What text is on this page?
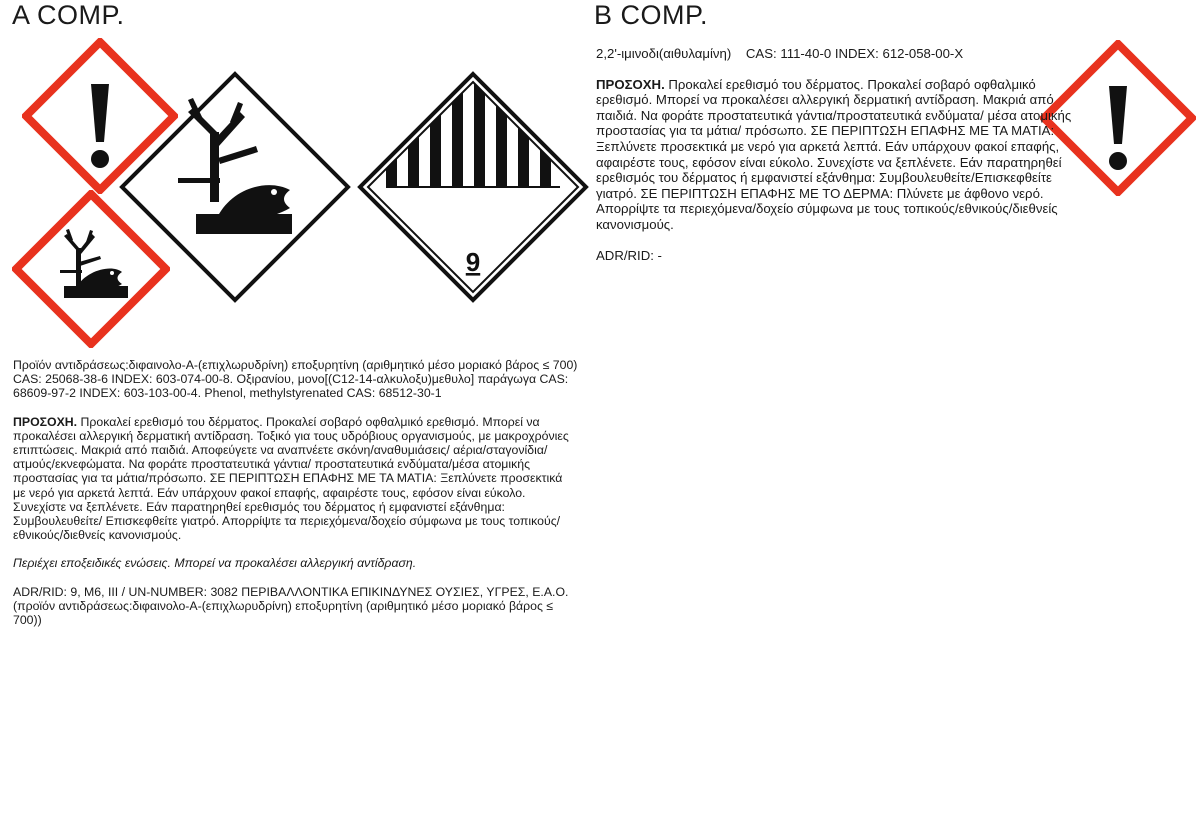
A COMP.
9

Προϊόν αντιδράσεως:διφαινολο-A-(επιχλωρυδρίνη) εποξυρητίνη (αριθμητικό μέσο μοριακό βάρος ≤ 700) CAS: 25068-38-6 INDEX: 603-074-00-8. Οξιρανίου, μονο[(C12-14-αλκυλοξυ)μεθυλο] παράγωγα CAS: 68609-97-2 INDEX: 603-103-00-4. Phenol, methylstyrenated CAS: 68512-30-1

ΠΡΟΣΟΧΗ. Προκαλεί ερεθισμό του δέρματος. Προκαλεί σοβαρό οφθαλμικό ερεθισμό. Μπορεί να προκαλέσει αλλεργική δερματική αντίδραση. Τοξικό για τους υδρόβιους οργανισμούς, με μακροχρόνιες επιπτώσεις. Μακριά από παιδιά. Αποφεύγετε να αναπνέετε σκόνη/αναθυμιάσεις/ αέρια/σταγονίδια/ ατμούς/εκνεφώματα. Να φοράτε προστατευτικά γάντια/ προστατευτικά ενδύματα/μέσα ατομικής προστασίας για τα μάτια/πρόσωπο. ΣΕ ΠΕΡΙΠΤΩΣΗ ΕΠΑΦΗΣ ΜΕ ΤΑ ΜΑΤΙΑ: Ξεπλύνετε προσεκτικά με νερό για αρκετά λεπτά. Εάν υπάρχουν φακοί επαφής, αφαιρέστε τους, εφόσον είναι εύκολο. Συνεχίστε να ξεπλένετε. Εάν παρατηρηθεί ερεθισμός του δέρματος ή εμφανιστεί εξάνθημα: Συμβουλευθείτε/ Επισκεφθείτε γιατρό. Απορρίψτε τα περιεχόμενα/δοχείο σύμφωνα με τους τοπικούς/εθνικούς/διεθνείς κανονισμούς.

Περιέχει εποξειδικές ενώσεις. Μπορεί να προκαλέσει αλλεργική αντίδραση.

ADR/RID: 9, M6, III / UN-NUMBER: 3082 ΠΕΡΙΒΑΛΛΟΝΤΙΚΑ ΕΠΙΚΙΝΔΥΝΕΣ ΟΥΣΙΕΣ, ΥΓΡΕΣ, Ε.Α.Ο. (προϊόν αντιδράσεως:διφαινολο-A-(επιχλωρυδρίνη) εποξυρητίνη (αριθμητικό μέσο μοριακό βάρος ≤ 700))

B COMP.

2,2'-ιμινοδι(αιθυλαμίνη)    CAS: 111-40-0 INDEX: 612-058-00-X

ΠΡΟΣΟΧΗ. Προκαλεί ερεθισμό του δέρματος. Προκαλεί σοβαρό οφθαλμικό ερεθισμό. Μπορεί να προκαλέσει αλλεργική δερματική αντίδραση. Μακριά από παιδιά. Να φοράτε προστατευτικά γάντια/προστατευτικά ενδύματα/ μέσα ατομικής προστασίας για τα μάτια/ πρόσωπο. ΣΕ ΠΕΡΙΠΤΩΣΗ ΕΠΑΦΗΣ ΜΕ ΤΑ ΜΑΤΙΑ: Ξεπλύνετε προσεκτικά με νερό για αρκετά λεπτά. Εάν υπάρχουν φακοί επαφής, αφαιρέστε τους, εφόσον είναι εύκολο. Συνεχίστε να ξεπλένετε. Εάν παρατηρηθεί ερεθισμός του δέρματος ή εμφανιστεί εξάνθημα: Συμβουλευθείτε/Επισκεφθείτε γιατρό. ΣΕ ΠΕΡΙΠΤΩΣΗ ΕΠΑΦΗΣ ΜΕ ΤΟ ΔΕΡΜΑ: Πλύνετε με άφθονο νερό. Απορρίψτε τα περιεχόμενα/δοχείο σύμφωνα με τους τοπικούς/εθνικούς/διεθνείς κανονισμούς.

ADR/RID: -
